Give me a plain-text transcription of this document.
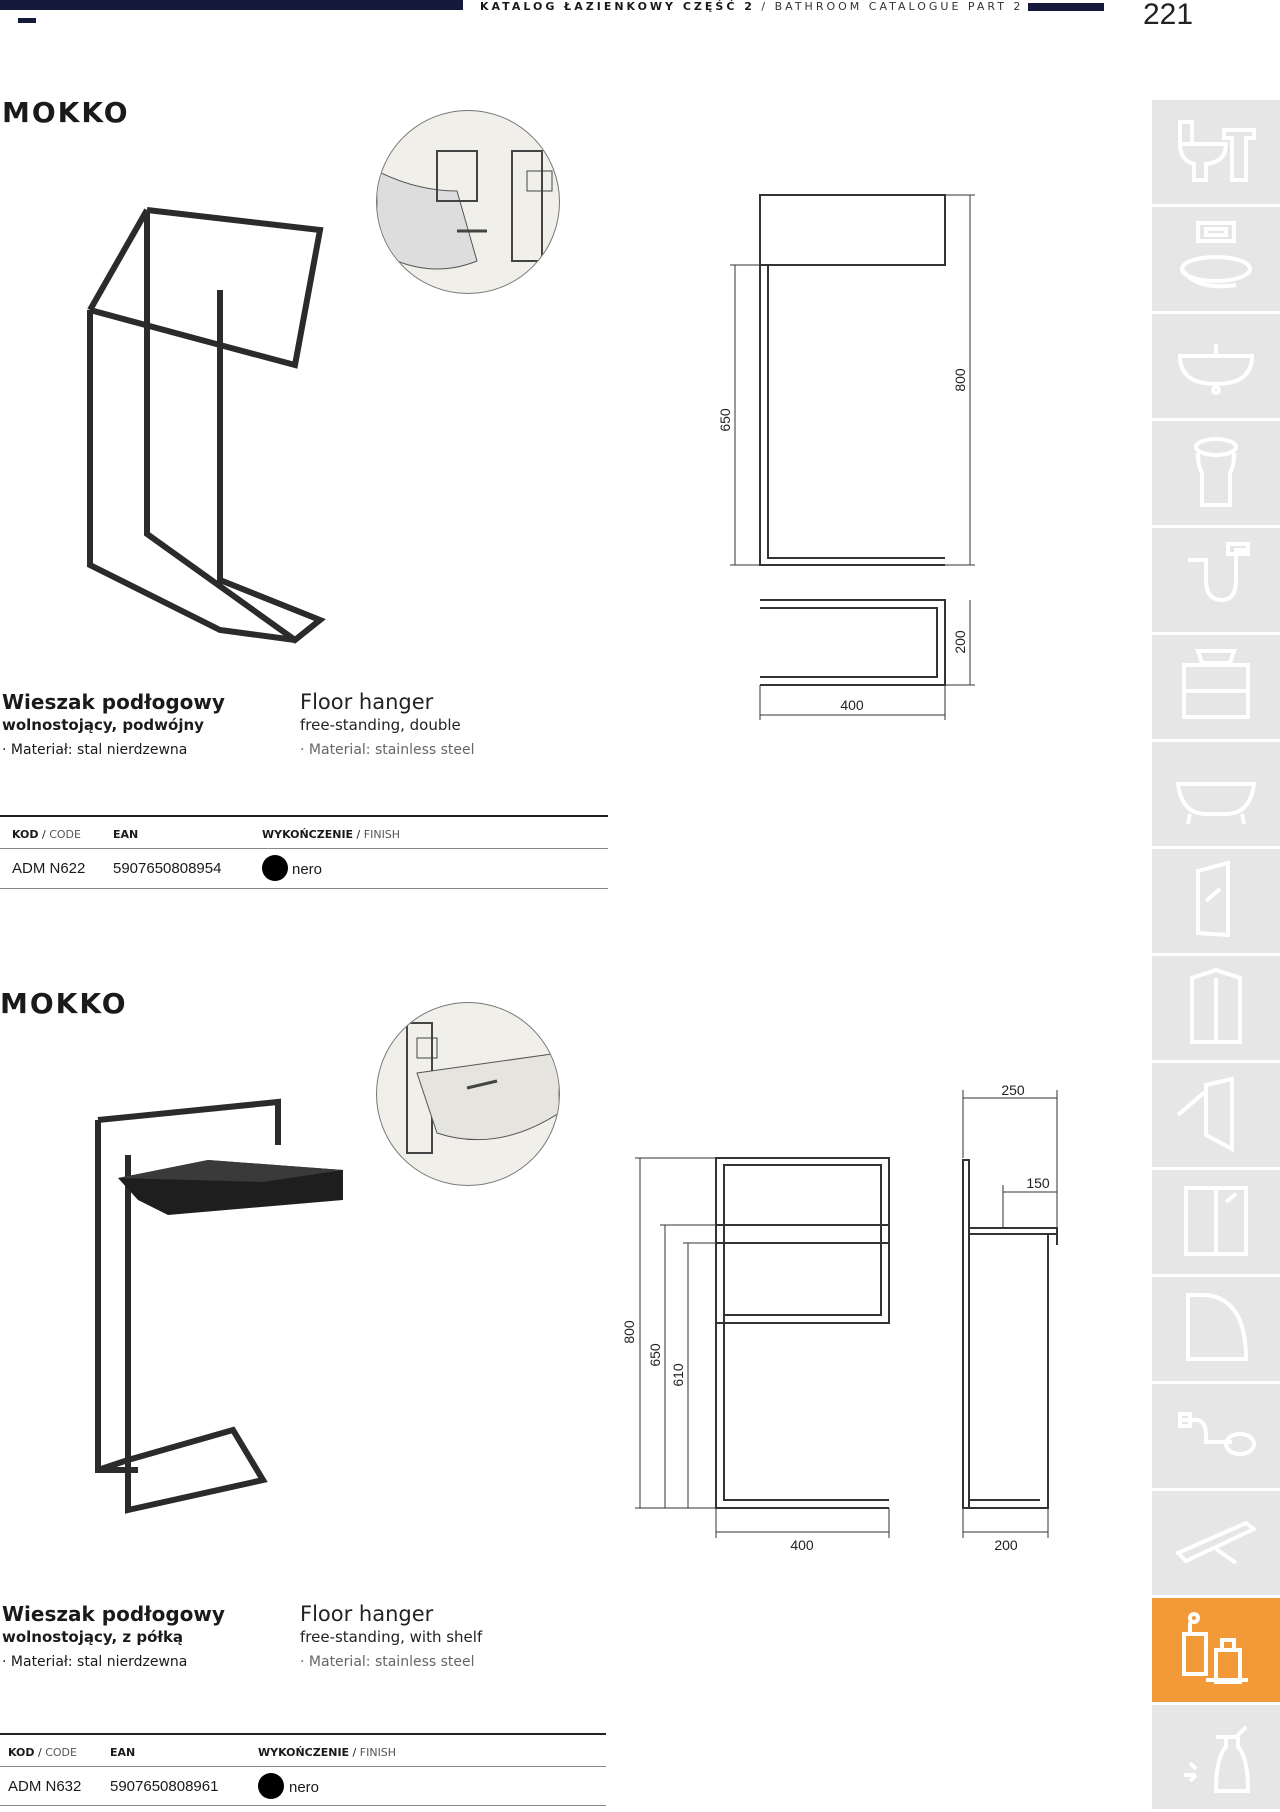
KATALOG ŁAZIENKOWY CZĘŚĆ 2 / BATHROOM CATALOGUE PART 2	221
MOKKO
650
800
200
400
Wieszak podłogowy
wolnostojący, podwójny
· Materiał: stal nierdzewna
Floor hanger
free-standing, double
· Material: stainless steel
KOD / CODE	EAN	WYKOŃCZENIE / FINISH
ADM N622 5907650808954	nero
MOKKO
800
650
610
400
250
150
200
Wieszak podłogowy
wolnostojący, z półką
· Materiał: stal nierdzewna
Floor hanger
free-standing, with shelf
· Material: stainless steel
KOD / CODE	EAN	WYKOŃCZENIE / FINISH
ADM N632 5907650808961	nero
